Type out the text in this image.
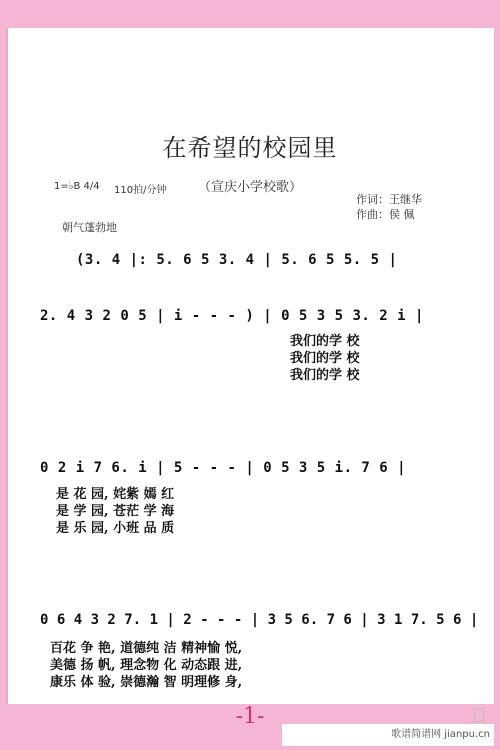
在希望的校园里
1=♭B 4/4 110拍/分钟	（宣庆小学校歌）
作词：王继华
作曲：侯 佩
朝气蓬勃地
(3. 4 |: 5. 6 5 3. 4 | 5. 6 5 5. 5 |
2. 4 3 2 0 5 | i - - - ) | 0 5 3 5 3. 2 i |
我们的学 校
我们的学 校
我们的学 校
0 2 i 7 6. i | 5 - - - | 0 5 3 5 i. 7 6 |
是 花 园, 姹紫 嫣 红
是 学 园, 苍茫 学 海
是 乐 园, 小班 品 质
0 6 4 3 2 7. 1 | 2 - - - | 3 5 6. 7 6 | 3 1 7. 5 6 |
百花 争 艳, 道德纯 洁 精神愉 悦,
美德 扬 帆, 理念物 化 动态跟 进,
康乐 体 验, 崇德瀚 智 明理修 身,
-1-
歌谱简谱网 jianpu.cn
